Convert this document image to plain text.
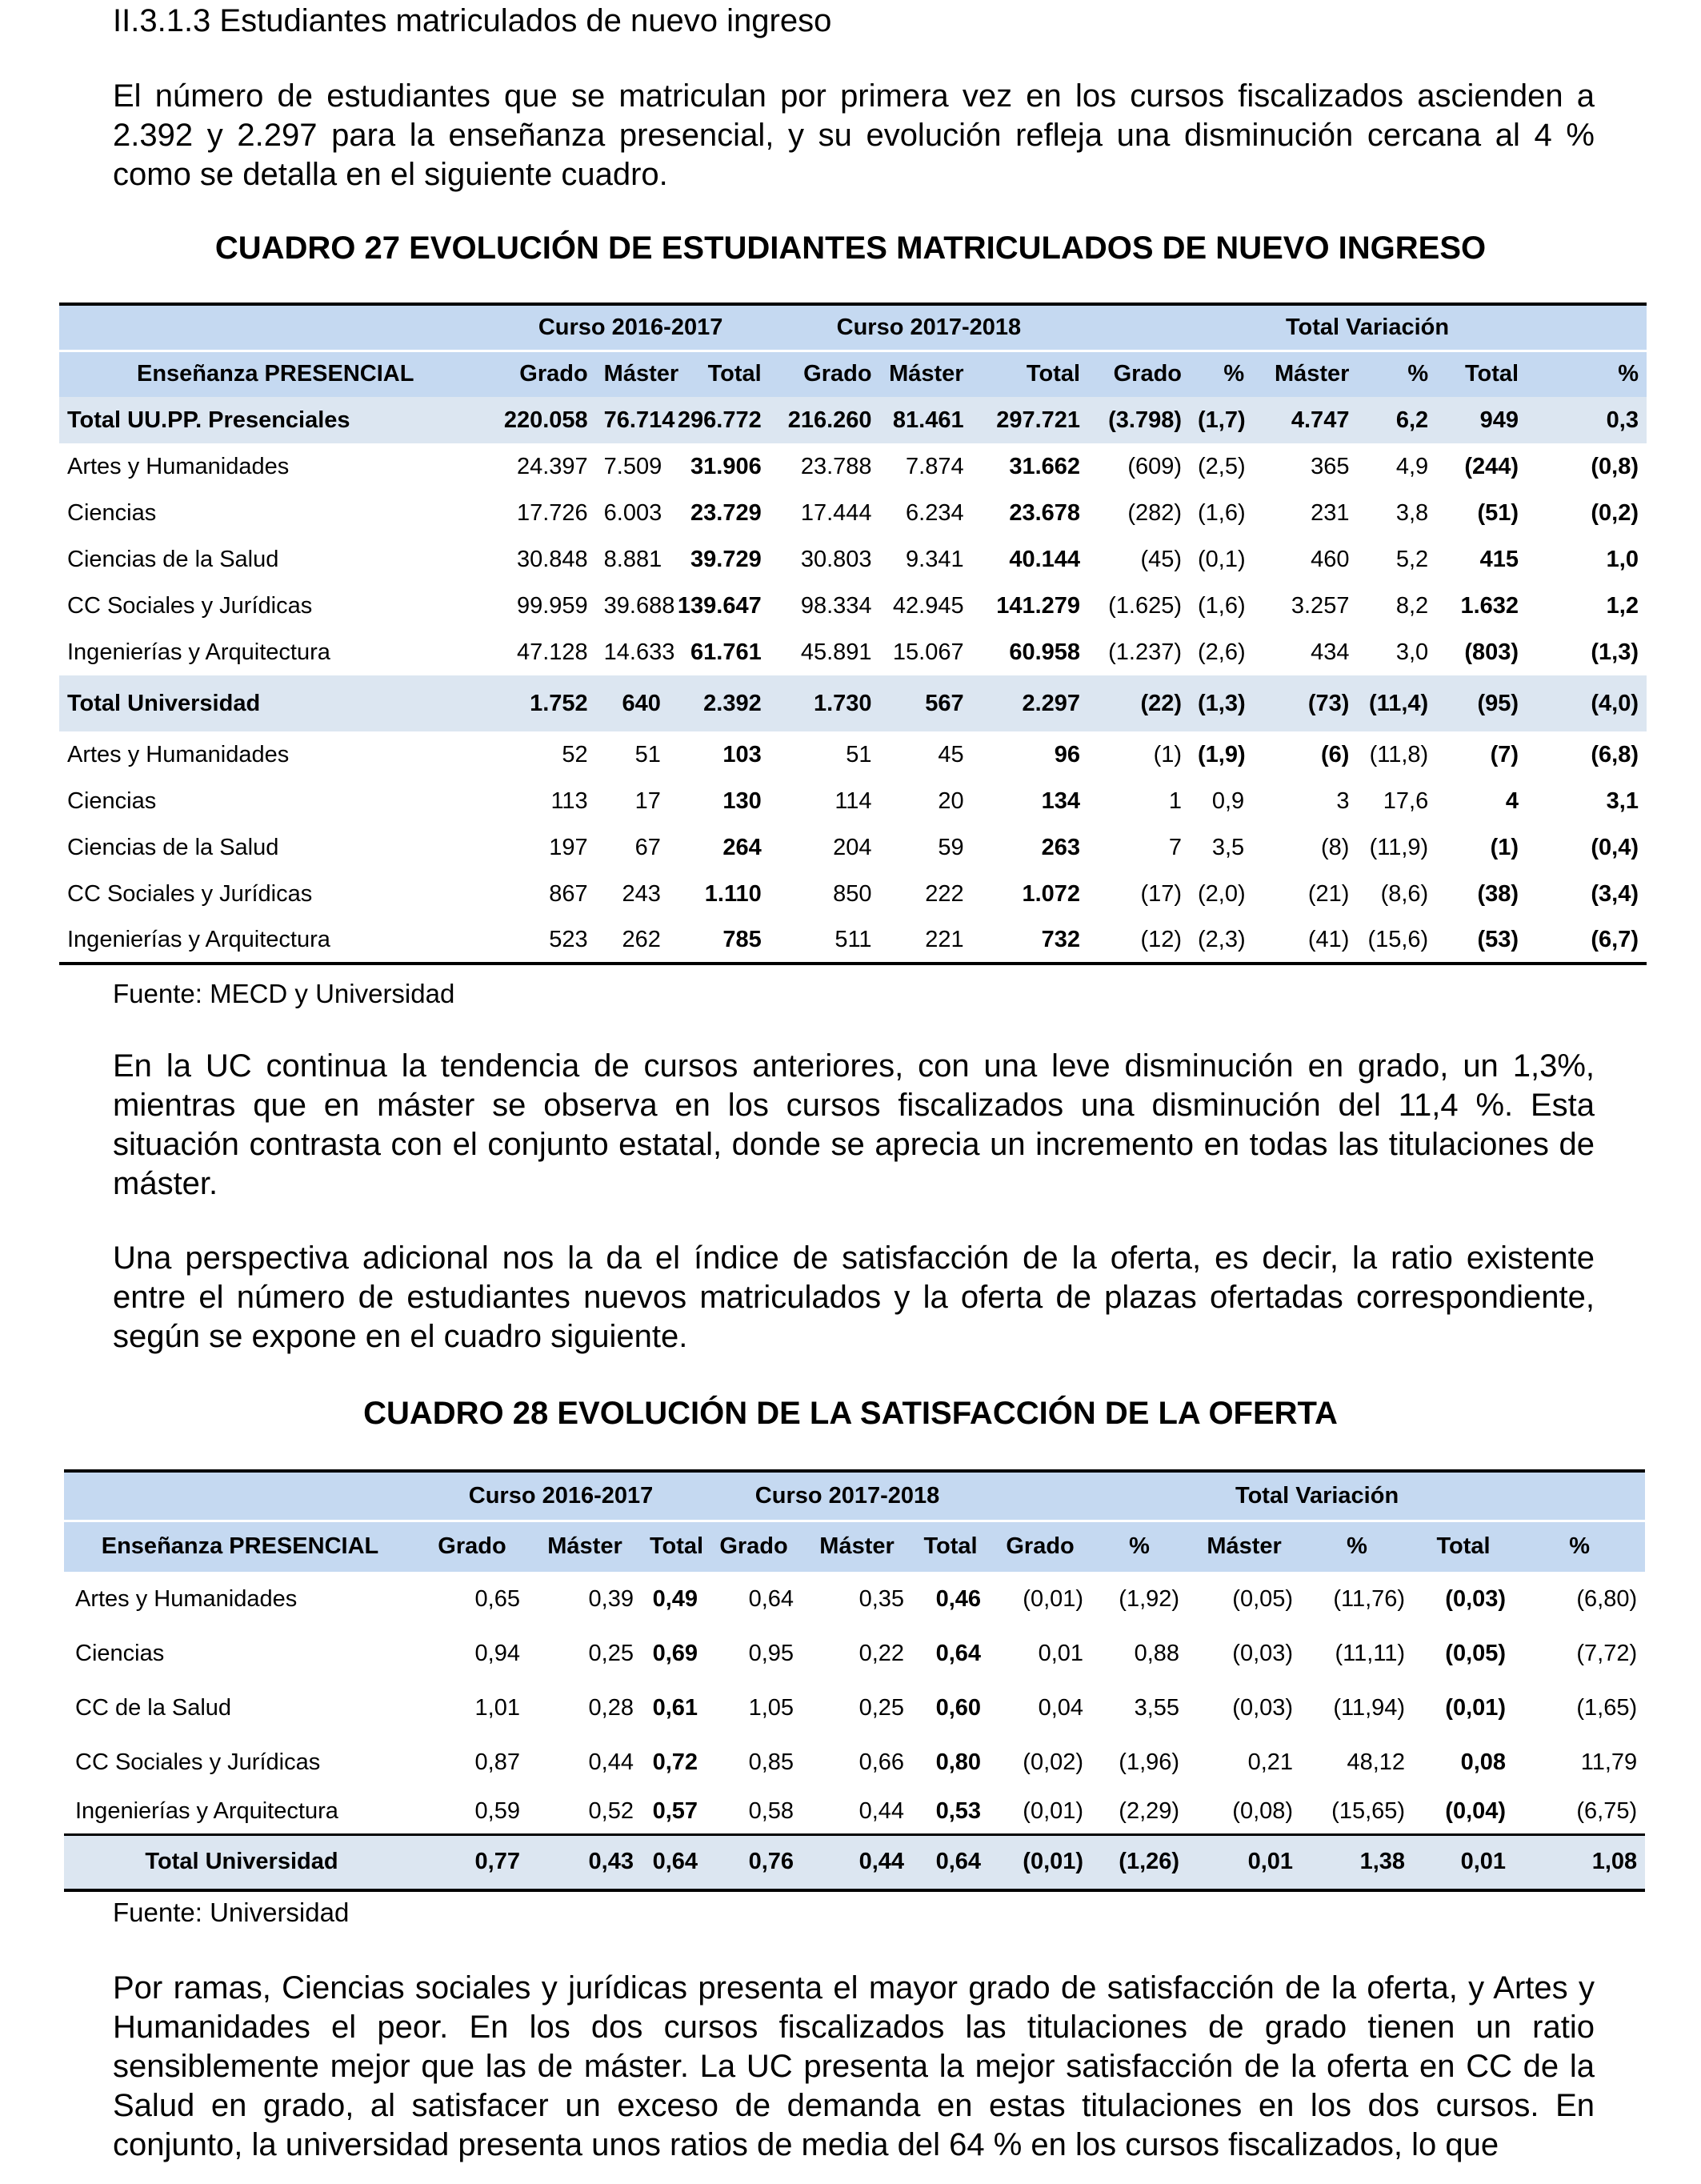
II.3.1.3 Estudiantes matriculados de nuevo ingreso

El número de estudiantes que se matriculan por primera vez en los cursos fiscalizados ascienden a 2.392 y 2.297 para la enseñanza presencial, y su evolución refleja una disminución cercana al 4 % como se detalla en el siguiente cuadro.

CUADRO 27 EVOLUCIÓN DE ESTUDIANTES MATRICULADOS DE NUEVO INGRESO
	Curso 2016-2017			Curso 2017-2018			Total Variación					
Enseñanza PRESENCIAL	Grado	Máster	Total	Grado	Máster	Total	Grado	%	Máster	%	Total	%
Total UU.PP. Presenciales	220.058	76.714	296.772	216.260	81.461	297.721	(3.798)	(1,7)	4.747	6,2	949	0,3
Artes y Humanidades	24.397	7.509	31.906	23.788	7.874	31.662	(609)	(2,5)	365	4,9	(244)	(0,8)
Ciencias	17.726	6.003	23.729	17.444	6.234	23.678	(282)	(1,6)	231	3,8	(51)	(0,2)
Ciencias de la Salud	30.848	8.881	39.729	30.803	9.341	40.144	(45)	(0,1)	460	5,2	415	1,0
CC Sociales y Jurídicas	99.959	39.688	139.647	98.334	42.945	141.279	(1.625)	(1,6)	3.257	8,2	1.632	1,2
Ingenierías y Arquitectura	47.128	14.633	61.761	45.891	15.067	60.958	(1.237)	(2,6)	434	3,0	(803)	(1,3)
Total Universidad	1.752	640	2.392	1.730	567	2.297	(22)	(1,3)	(73)	(11,4)	(95)	(4,0)
Artes y Humanidades	52	51	103	51	45	96	(1)	(1,9)	(6)	(11,8)	(7)	(6,8)
Ciencias	113	17	130	114	20	134	1	0,9	3	17,6	4	3,1
Ciencias de la Salud	197	67	264	204	59	263	7	3,5	(8)	(11,9)	(1)	(0,4)
CC Sociales y Jurídicas	867	243	1.110	850	222	1.072	(17)	(2,0)	(21)	(8,6)	(38)	(3,4)
Ingenierías y Arquitectura	523	262	785	511	221	732	(12)	(2,3)	(41)	(15,6)	(53)	(6,7)

Fuente: MECD y Universidad

En la UC continua la tendencia de cursos anteriores, con una leve disminución en grado, un 1,3%, mientras que en máster se observa en los cursos fiscalizados una disminución del 11,4 %. Esta situación contrasta con el conjunto estatal, donde se aprecia un incremento en todas las titulaciones de máster.

Una perspectiva adicional nos la da el índice de satisfacción de la oferta, es decir, la ratio existente entre el número de estudiantes nuevos matriculados y la oferta de plazas ofertadas correspondiente, según se expone en el cuadro siguiente.

CUADRO 28 EVOLUCIÓN DE LA SATISFACCIÓN DE LA OFERTA
	Curso 2016-2017			Curso 2017-2018			Total Variación					
Enseñanza PRESENCIAL	Grado	Máster	Total	Grado	Máster	Total	Grado	%	Máster	%	Total	%
Artes y Humanidades	0,65	0,39	0,49	0,64	0,35	0,46	(0,01)	(1,92)	(0,05)	(11,76)	(0,03)	(6,80)
Ciencias	0,94	0,25	0,69	0,95	0,22	0,64	0,01	0,88	(0,03)	(11,11)	(0,05)	(7,72)
CC de la Salud	1,01	0,28	0,61	1,05	0,25	0,60	0,04	3,55	(0,03)	(11,94)	(0,01)	(1,65)
CC Sociales y Jurídicas	0,87	0,44	0,72	0,85	0,66	0,80	(0,02)	(1,96)	0,21	48,12	0,08	11,79
Ingenierías y Arquitectura	0,59	0,52	0,57	0,58	0,44	0,53	(0,01)	(2,29)	(0,08)	(15,65)	(0,04)	(6,75)
Total Universidad	0,77	0,43	0,64	0,76	0,44	0,64	(0,01)	(1,26)	0,01	1,38	0,01	1,08

Fuente: Universidad

Por ramas, Ciencias sociales y jurídicas presenta el mayor grado de satisfacción de la oferta, y Artes y Humanidades el peor. En los dos cursos fiscalizados las titulaciones de grado tienen un ratio sensiblemente mejor que las de máster. La UC presenta la mejor satisfacción de la oferta en CC de la Salud en grado, al satisfacer un exceso de demanda en estas titulaciones en los dos cursos. En conjunto, la universidad presenta unos ratios de media del 64 % en los cursos fiscalizados, lo que
